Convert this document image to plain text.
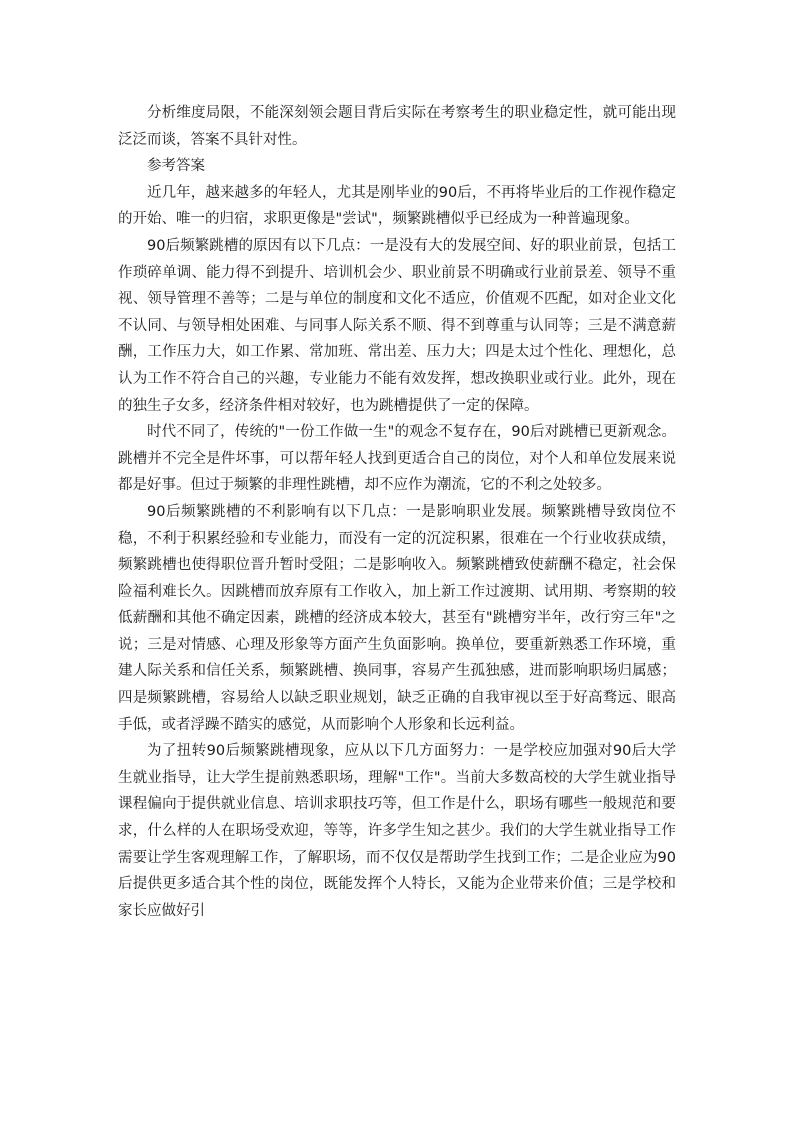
分析维度局限，不能深刻领会题目背后实际在考察考生的职业稳定性，就可能出现泛泛而谈，答案不具针对性。

参考答案

近几年，越来越多的年轻人，尤其是刚毕业的90后，不再将毕业后的工作视作稳定的开始、唯一的归宿，求职更像是"尝试"，频繁跳槽似乎已经成为一种普遍现象。

90后频繁跳槽的原因有以下几点：一是没有大的发展空间、好的职业前景，包括工作琐碎单调、能力得不到提升、培训机会少、职业前景不明确或行业前景差、领导不重视、领导管理不善等；二是与单位的制度和文化不适应，价值观不匹配，如对企业文化不认同、与领导相处困难、与同事人际关系不顺、得不到尊重与认同等；三是不满意薪酬，工作压力大，如工作累、常加班、常出差、压力大；四是太过个性化、理想化，总认为工作不符合自己的兴趣，专业能力不能有效发挥，想改换职业或行业。此外，现在的独生子女多，经济条件相对较好，也为跳槽提供了一定的保障。

时代不同了，传统的"一份工作做一生"的观念不复存在，90后对跳槽已更新观念。跳槽并不完全是件坏事，可以帮年轻人找到更适合自己的岗位，对个人和单位发展来说都是好事。但过于频繁的非理性跳槽，却不应作为潮流，它的不利之处较多。

90后频繁跳槽的不利影响有以下几点：一是影响职业发展。频繁跳槽导致岗位不稳，不利于积累经验和专业能力，而没有一定的沉淀积累，很难在一个行业收获成绩，频繁跳槽也使得职位晋升暂时受阻；二是影响收入。频繁跳槽致使薪酬不稳定，社会保险福利难长久。因跳槽而放弃原有工作收入，加上新工作过渡期、试用期、考察期的较低薪酬和其他不确定因素，跳槽的经济成本较大，甚至有"跳槽穷半年，改行穷三年"之说；三是对情感、心理及形象等方面产生负面影响。换单位，要重新熟悉工作环境，重建人际关系和信任关系，频繁跳槽、换同事，容易产生孤独感，进而影响职场归属感；四是频繁跳槽，容易给人以缺乏职业规划，缺乏正确的自我审视以至于好高骛远、眼高手低，或者浮躁不踏实的感觉，从而影响个人形象和长远利益。

为了扭转90后频繁跳槽现象，应从以下几方面努力：一是学校应加强对90后大学生就业指导，让大学生提前熟悉职场，理解"工作"。当前大多数高校的大学生就业指导课程偏向于提供就业信息、培训求职技巧等，但工作是什么，职场有哪些一般规范和要求，什么样的人在职场受欢迎，等等，许多学生知之甚少。我们的大学生就业指导工作需要让学生客观理解工作，了解职场，而不仅仅是帮助学生找到工作；二是企业应为90后提供更多适合其个性的岗位，既能发挥个人特长，又能为企业带来价值；三是学校和家长应做好引
